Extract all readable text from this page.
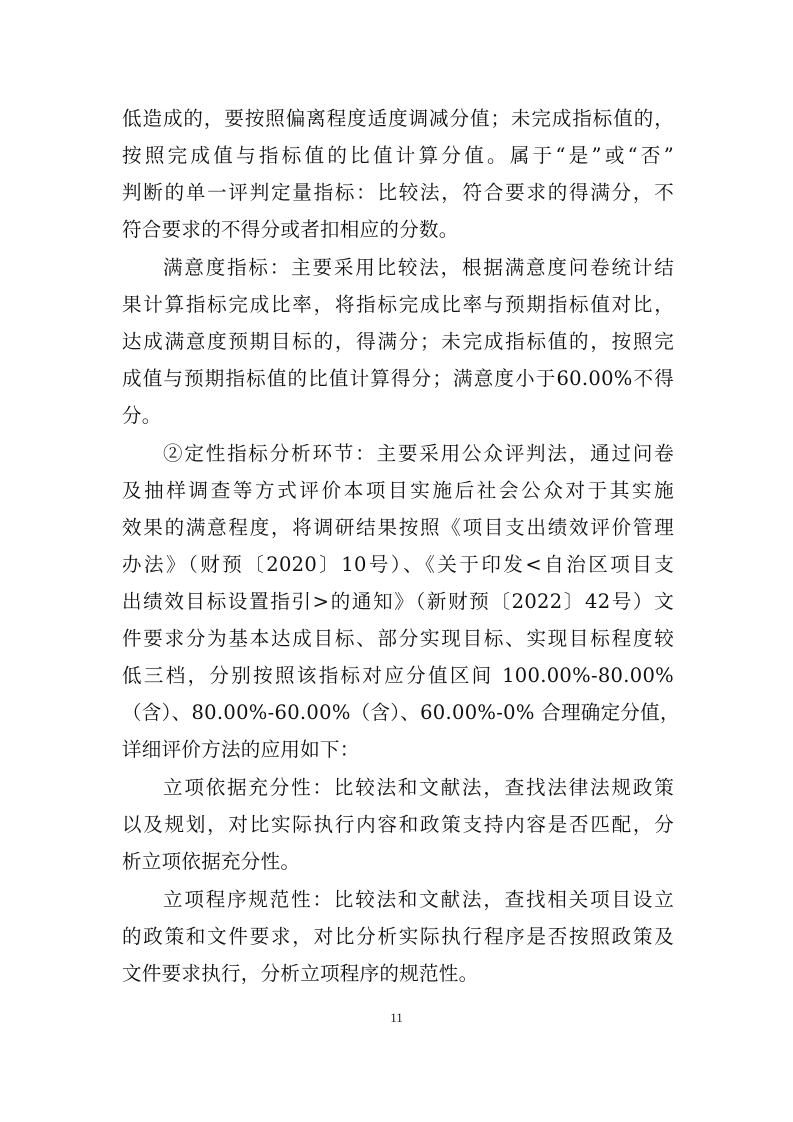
低造成的，要按照偏离程度适度调减分值；未完成指标值的，
按照完成值与指标值的比值计算分值。属于“是”或“否”
判断的单一评判定量指标：比较法，符合要求的得满分，不
符合要求的不得分或者扣相应的分数。
满意度指标：主要采用比较法，根据满意度问卷统计结
果计算指标完成比率，将指标完成比率与预期指标值对比，
达成满意度预期目标的，得满分；未完成指标值的，按照完
成值与预期指标值的比值计算得分；满意度小于60.00%不得
分。
②定性指标分析环节：主要采用公众评判法，通过问卷
及抽样调查等方式评价本项目实施后社会公众对于其实施
效果的满意程度，将调研结果按照《项目支出绩效评价管理
办法》（财预〔2020〕10号）、《关于印发<自治区项目支
出绩效目标设置指引>的通知》（新财预〔2022〕42号）文
件要求分为基本达成目标、部分实现目标、实现目标程度较
低三档，分别按照该指标对应分值区间 100.00%-80.00%
（含）、80.00%-60.00%（含）、60.00%-0% 合理确定分值，
详细评价方法的应用如下：
立项依据充分性：比较法和文献法，查找法律法规政策
以及规划，对比实际执行内容和政策支持内容是否匹配，分
析立项依据充分性。
立项程序规范性：比较法和文献法，查找相关项目设立
的政策和文件要求，对比分析实际执行程序是否按照政策及
文件要求执行，分析立项程序的规范性。
11
